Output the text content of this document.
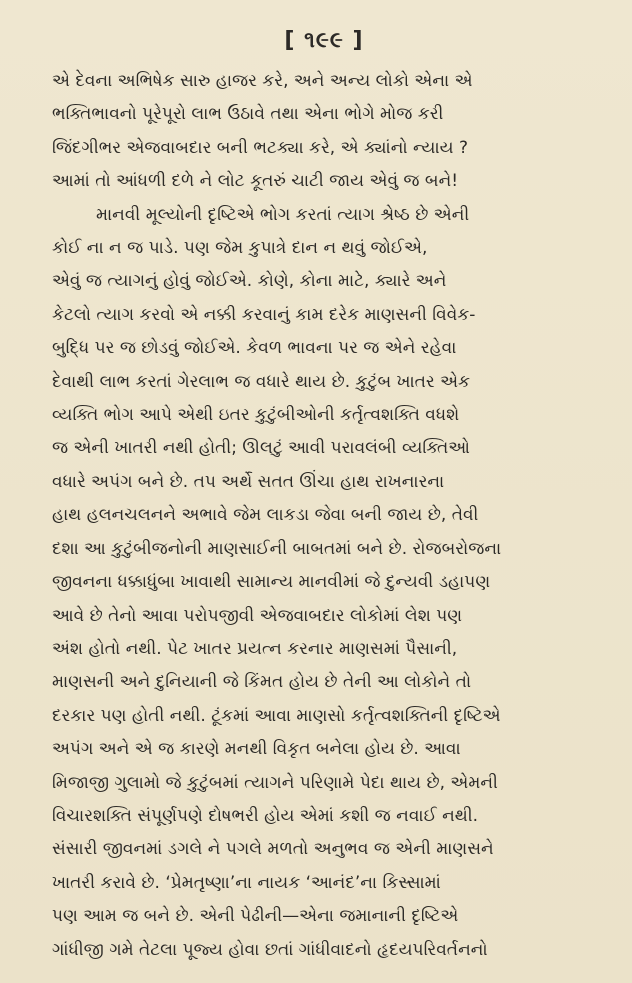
[ ૧૯૯ ]
એ દેવના અભિષેક સારુ હાજર કરે, અને અન્ય લોકો એના એ
ભક્તિભાવનો પૂરેપૂરો લાભ ઉઠાવે તથા એના ભોગે મોજ કરી
જિંદગીભર એજવાબદાર બની ભટક્યા કરે, એ ક્યાંનો ન્યાય ?
આમાં તો આંધળી દળે ને લોટ કૂતરું ચાટી જાય એવું જ બને!
માનવી મૂલ્યોની દૃષ્ટિએ ભોગ કરતાં ત્યાગ શ્રેષ્ઠ છે એની
કોઈ ના ન જ પાડે. પણ જેમ કુપાત્રે દાન ન થવું જોઈએ,
એવું જ ત્યાગનું હોવું જોઈએ. કોણે, કોના માટે, ક્યારે અને
કેટલો ત્યાગ કરવો એ નક્કી કરવાનું કામ દરેક માણસની વિવેક-
બુદ્ધિ પર જ છોડવું જોઈએ. કેવળ ભાવના પર જ એને રહેવા
દેવાથી લાભ કરતાં ગેરલાભ જ વધારે થાય છે. કુટુંબ ખાતર એક
વ્યક્તિ ભોગ આપે એથી ઇતર કુટુંબીઓની કર્તૃત્વશક્તિ વધશે
જ એની ખાતરી નથી હોતી; ઊલટું આવી પરાવલંબી વ્યક્તિઓ
વધારે અપંગ બને છે. તપ અર્થે સતત ઊંચા હાથ રાખનારના
હાથ હલનચલનને અભાવે જેમ લાકડા જેવા બની જાય છે, તેવી
દશા આ કુટુંબીજનોની માણસાઈની બાબતમાં બને છે. રોજબરોજના
જીવનના ધક્કાધુંબા ખાવાથી સામાન્ય માનવીમાં જે દુન્યવી ડહાપણ
આવે છે તેનો આવા પરોપજીવી એજવાબદાર લોકોમાં લેશ પણ
અંશ હોતો નથી. પેટ ખાતર પ્રયત્ન કરનાર માણસમાં પૈસાની,
માણસની અને દુનિયાની જે કિંમત હોય છે તેની આ લોકોને તો
દરકાર પણ હોતી નથી. ટૂંકમાં આવા માણસો કર્તૃત્વશક્તિની દૃષ્ટિએ
અપંગ અને એ જ કારણે મનથી વિકૃત બનેલા હોય છે. આવા
મિજાજી ગુલામો જે કુટુંબમાં ત્યાગને પરિણામે પેદા થાય છે, એમની
વિચારશક્તિ સંપૂર્ણપણે દોષભરી હોય એમાં કશી જ નવાઈ નથી.
સંસારી જીવનમાં ડગલે ને પગલે મળતો અનુભવ જ એની માણસને
ખાતરી કરાવે છે. ‘પ્રેમતૃષ્ણા’ના નાયક ‘આનંદ’ના કિસ્સામાં
પણ આમ જ બને છે. એની પેઢીની—એના જમાનાની દૃષ્ટિએ
ગાંધીજી ગમે તેટલા પૂજ્ય હોવા છતાં ગાંધીવાદનો હૃદયપરિવર્તનનો
